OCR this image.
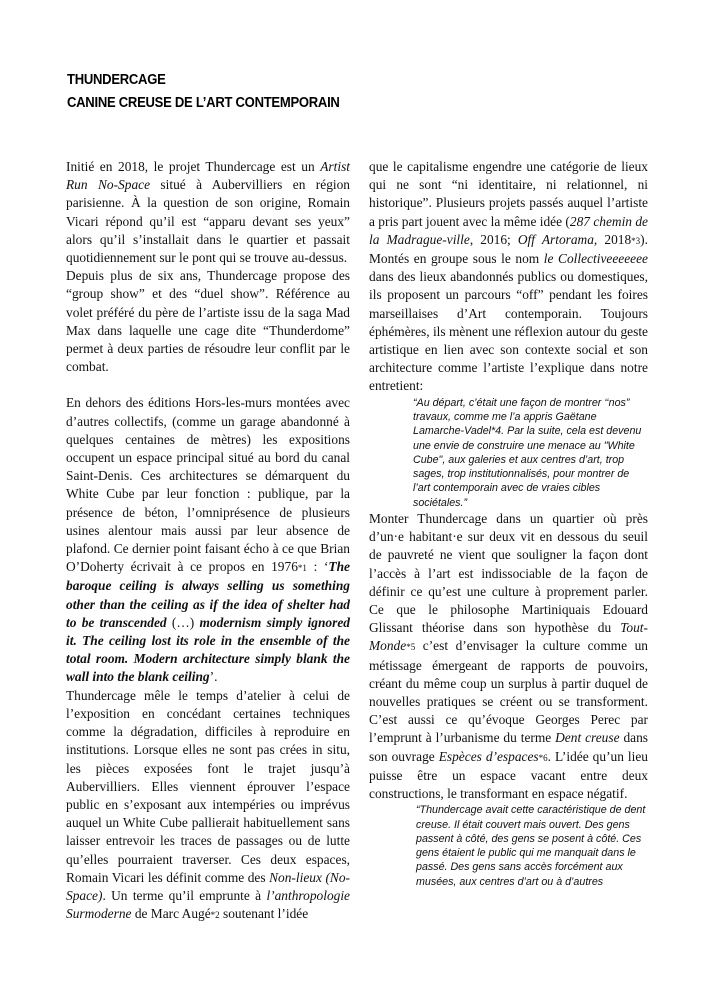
THUNDERCAGE
CANINE CREUSE DE L’ART CONTEMPORAIN

Initié en 2018, le projet Thundercage est un Artist Run No-Space situé à Aubervilliers en région parisienne. À la question de son origine, Romain Vicari répond qu’il est “apparu devant ses yeux” alors qu’il s’installait dans le quartier et passait quotidiennement sur le pont qui se trouve au-dessus.

Depuis plus de six ans, Thundercage propose des “group show” et des “duel show”. Référence au volet préféré du père de l’artiste issu de la saga Mad Max dans laquelle une cage dite “Thunderdome” permet à deux parties de résoudre leur conflit par le combat.

En dehors des éditions Hors-les-murs montées avec d’autres collectifs, (comme un garage abandonné à quelques centaines de mètres) les expositions occupent un espace principal situé au bord du canal Saint-Denis. Ces architectures se démarquent du White Cube par leur fonction : publique, par la présence de béton, l’omniprésence de plusieurs usines alentour mais aussi par leur absence de plafond. Ce dernier point faisant écho à ce que Brian O’Doherty écrivait à ce propos en 1976*1 : ‘The baroque ceiling is always selling us something other than the ceiling as if the idea of shelter had to be transcended (…) modernism simply ignored it. The ceiling lost its role in the ensemble of the total room. Modern architecture simply blank the wall into the blank ceiling’.

Thundercage mêle le temps d’atelier à celui de l’exposition en concédant certaines techniques comme la dégradation, difficiles à reproduire en institutions. Lorsque elles ne sont pas crées in situ, les pièces exposées font le trajet jusqu’à Aubervilliers. Elles viennent éprouver l’espace public en s’exposant aux intempéries ou imprévus auquel un White Cube pallierait habituellement sans laisser entrevoir les traces de passages ou de lutte qu’elles pourraient traverser. Ces deux espaces, Romain Vicari les définit comme des Non-lieux (No-Space). Un terme qu’il emprunte à l’anthropologie Surmoderne de Marc Augé*2 soutenant l’idée

que le capitalisme engendre une catégorie de lieux qui ne sont “ni identitaire, ni relationnel, ni historique”. Plusieurs projets passés auquel l’artiste a pris part jouent avec la même idée (287 chemin de la Madrague-ville, 2016; Off Artorama, 2018*3). Montés en groupe sous le nom le Collectiveeeeeee dans des lieux abandonnés publics ou domestiques, ils proposent un parcours “off” pendant les foires marseillaises d’Art contemporain. Toujours éphémères, ils mènent une réflexion autour du geste artistique en lien avec son contexte social et son architecture comme l’artiste l’explique dans notre entretient:

“Au départ, c’était une façon de montrer ‘‘nos” travaux, comme me l’a appris Gaëtane Lamarche-Vadel*4. Par la suite, cela est devenu une envie de construire une menace au "White Cube", aux galeries et aux centres d’art, trop sages, trop institutionnalisés, pour montrer de l’art contemporain avec de vraies cibles sociétales.”

Monter Thundercage dans un quartier où près d’un·e habitant·e sur deux vit en dessous du seuil de pauvreté ne vient que souligner la façon dont l’accès à l’art est indissociable de la façon de définir ce qu’est une culture à proprement parler. Ce que le philosophe Martiniquais Edouard Glissant théorise dans son hypothèse du Tout-Monde*5 c’est d’envisager la culture comme un métissage émergeant de rapports de pouvoirs, créant du même coup un surplus à partir duquel de nouvelles pratiques se créent ou se transforment. C’est aussi ce qu’évoque Georges Perec par l’emprunt à l’urbanisme du terme Dent creuse dans son ouvrage Espèces d’espaces*6. L’idée qu’un lieu puisse être un espace vacant entre deux constructions, le transformant en espace négatif.

“Thundercage avait cette caractéristique de dent creuse. Il était couvert mais ouvert. Des gens passent à côté, des gens se posent à côté. Ces gens étaient le public qui me manquait dans le passé. Des gens sans accès forcément aux musées, aux centres d’art ou à d’autres
